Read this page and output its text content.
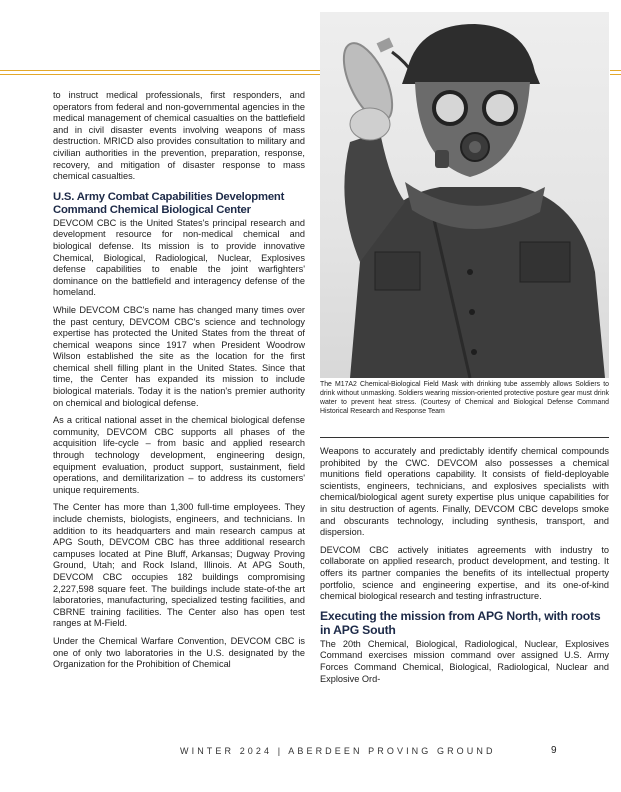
to instruct medical professionals, first responders, and operators from federal and non-governmental agencies in the medical management of chemical casualties on the battlefield and in civil disaster events involving weapons of mass destruction. MRICD also provides consultation to military and civilian authorities in the prevention, preparation, response, recovery, and mitigation of disaster response to mass chemical casualties.

U.S. Army Combat Capabilities Development Command Chemical Biological Center

DEVCOM CBC is the United States's principal research and development resource for non-medical chemical and biological defense. Its mission is to provide innovative Chemical, Biological, Radiological, Nuclear, Explosives defense capabilities to enable the joint warfighters' dominance on the battlefield and interagency defense of the homeland.

While DEVCOM CBC's name has changed many times over the past century, DEVCOM CBC's science and technology expertise has protected the United States from the threat of chemical weapons since 1917 when President Woodrow Wilson established the site as the location for the first chemical shell filling plant in the United States. Since that time, the Center has expanded its mission to include biological materials. Today it is the nation's premier authority on chemical and biological defense.

As a critical national asset in the chemical biological defense community, DEVCOM CBC supports all phases of the acquisition life-cycle – from basic and applied research through technology development, engineering design, equipment evaluation, product support, sustainment, field operations, and demilitarization – to address its customers' unique requirements.

The Center has more than 1,300 full-time employees. They include chemists, biologists, engineers, and technicians. In addition to its headquarters and main research campus at APG South, DEVCOM CBC has three additional research campuses located at Pine Bluff, Arkansas; Dugway Proving Ground, Utah; and Rock Island, Illinois. At APG South, DEVCOM CBC occupies 182 buildings compromising 2,227,598 square feet. The buildings include state-of-the art laboratories, manufacturing, specialized testing facilities, and CBRNE training facilities. The Center also has open test ranges at M-Field.

Under the Chemical Warfare Convention, DEVCOM CBC is one of only two laboratories in the U.S. designated by the Organization for the Prohibition of Chemical

The M17A2 Chemical-Biological Field Mask with drinking tube assembly allows Soldiers to drink without unmasking. Soldiers wearing mission-oriented protective posture gear must drink water to prevent heat stress. (Courtesy of Chemical and Biological Defense Command Historical Research and Response Team

Weapons to accurately and predictably identify chemical compounds prohibited by the CWC. DEVCOM also possesses a chemical munitions field operations capability. It consists of field-deployable scientists, engineers, technicians, and explosives specialists with chemical/biological agent surety expertise plus unique capabilities for in situ destruction of agents. Finally, DEVCOM CBC develops smoke and obscurants technology, including synthesis, transport, and dispersion.

DEVCOM CBC actively initiates agreements with industry to collaborate on applied research, product development, and testing. It offers its partner companies the benefits of its intellectual property portfolio, science and engineering expertise, and its one-of-kind chemical biological research and testing infrastructure.

Executing the mission from APG North, with roots in APG South

The 20th Chemical, Biological, Radiological, Nuclear, Explosives Command exercises mission command over assigned U.S. Army Forces Command Chemical, Biological, Radiological, Nuclear and Explosive Ord-

WINTER 2024 | ABERDEEN PROVING GROUND	9
